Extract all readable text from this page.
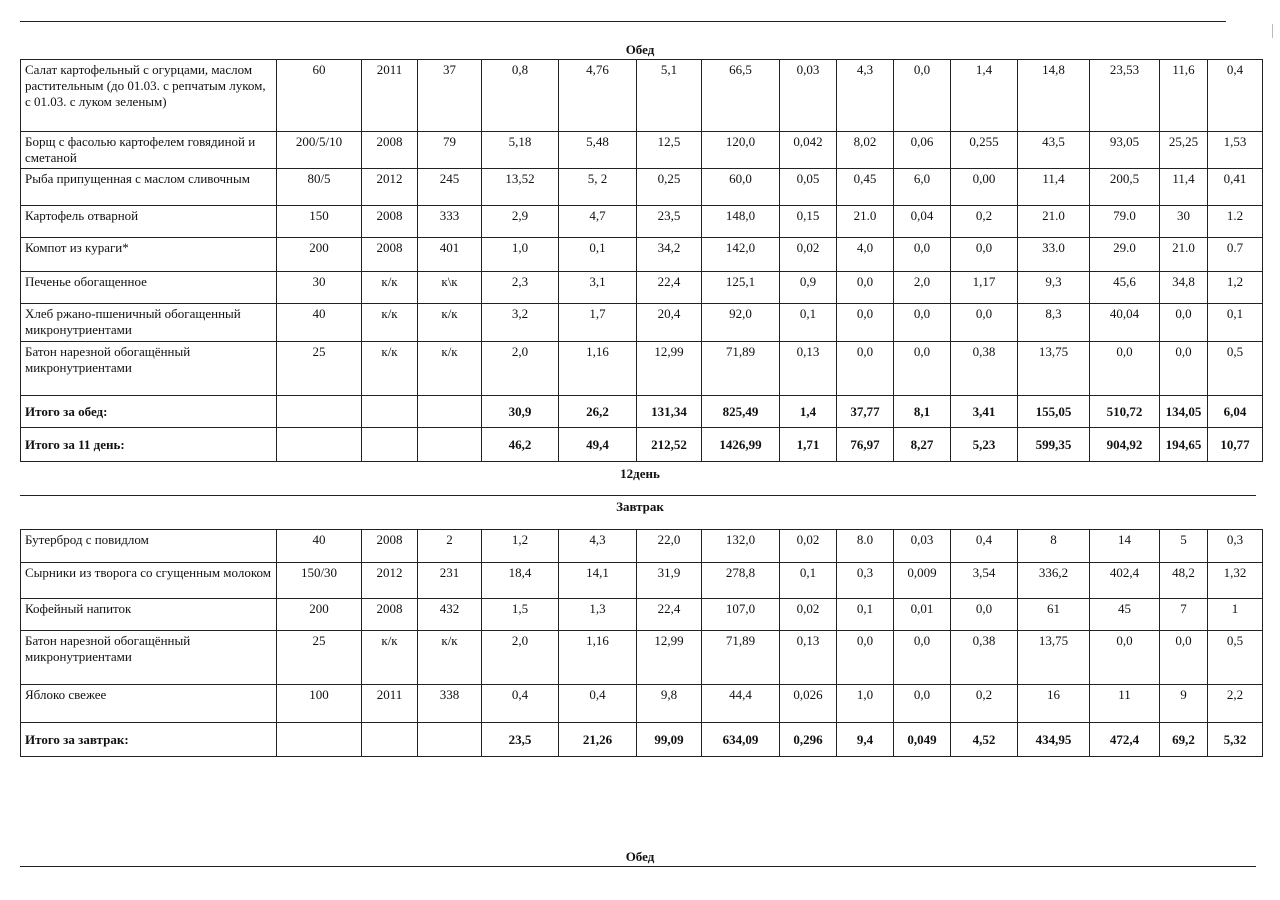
Обед
Салат картофельный с огурцами, маслом растительным (до 01.03. с репчатым луком, с 01.03. с луком зеленым)	60	2011	37	0,8	4,76	5,1	66,5	0,03	4,3	0,0	1,4	14,8	23,53	11,6	0,4
Борщ с фасолью картофелем говядиной и сметаной	200/5/10	2008	79	5,18	5,48	12,5	120,0	0,042	8,02	0,06	0,255	43,5	93,05	25,25	1,53
Рыба припущенная с маслом сливочным	80/5	2012	245	13,52	5, 2	0,25	60,0	0,05	0,45	6,0	0,00	11,4	200,5	11,4	0,41
Картофель отварной	150	2008	333	2,9	4,7	23,5	148,0	0,15	21.0	0,04	0,2	21.0	79.0	30	1.2
Компот из кураги*	200	2008	401	1,0	0,1	34,2	142,0	0,02	4,0	0,0	0,0	33.0	29.0	21.0	0.7
Печенье обогащенное	30	к/к	к\к	2,3	3,1	22,4	125,1	0,9	0,0	2,0	1,17	9,3	45,6	34,8	1,2
Хлеб ржано-пшеничный обогащенный микронутриентами	40	к/к	к/к	3,2	1,7	20,4	92,0	0,1	0,0	0,0	0,0	8,3	40,04	0,0	0,1
Батон нарезной обогащённый микронутриентами	25	к/к	к/к	2,0	1,16	12,99	71,89	0,13	0,0	0,0	0,38	13,75	0,0	0,0	0,5
Итого за обед:				30,9	26,2	131,34	825,49	1,4	37,77	8,1	3,41	155,05	510,72	134,05	6,04
Итого за 11 день:				46,2	49,4	212,52	1426,99	1,71	76,97	8,27	5,23	599,35	904,92	194,65	10,77
12день
Завтрак
Бутерброд с повидлом	40	2008	2	1,2	4,3	22,0	132,0	0,02	8.0	0,03	0,4	8	14	5	0,3
Сырники из творога со сгущенным молоком	150/30	2012	231	18,4	14,1	31,9	278,8	0,1	0,3	0,009	3,54	336,2	402,4	48,2	1,32
Кофейный напиток	200	2008	432	1,5	1,3	22,4	107,0	0,02	0,1	0,01	0,0	61	45	7	1
Батон нарезной обогащённый микронутриентами	25	к/к	к/к	2,0	1,16	12,99	71,89	0,13	0,0	0,0	0,38	13,75	0,0	0,0	0,5
Яблоко свежее	100	2011	338	0,4	0,4	9,8	44,4	0,026	1,0	0,0	0,2	16	11	9	2,2
Итого за завтрак:				23,5	21,26	99,09	634,09	0,296	9,4	0,049	4,52	434,95	472,4	69,2	5,32
Обед
